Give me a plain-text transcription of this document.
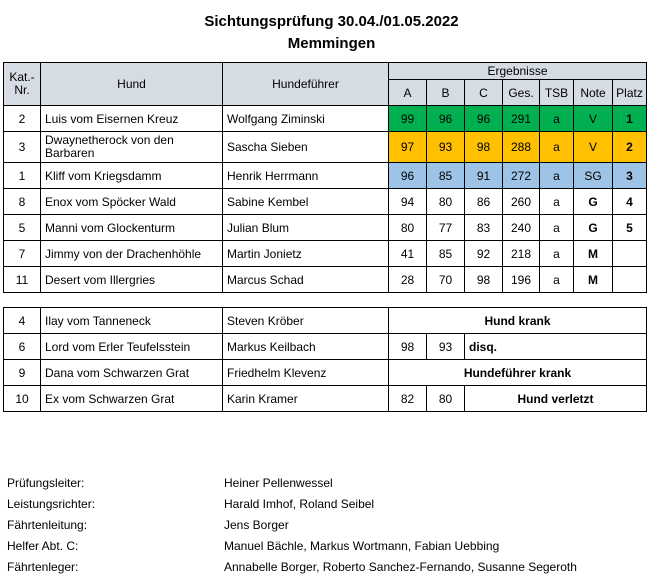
Sichtungsprüfung 30.04./01.05.2022
Memmingen
Kat.-
Nr.	Hund	Hundeführer	Ergebnisse						
			A	B	C	Ges.	TSB	Note	Platz
2	Luis vom Eisernen Kreuz	Wolfgang Ziminski	99	96	96	291	a	V	1
3	Dwaynetherock von den Barbaren	Sascha Sieben	97	93	98	288	a	V	2
1	Kliff vom Kriegsdamm	Henrik Herrmann	96	85	91	272	a	SG	3
8	Enox vom Spöcker Wald	Sabine Kembel	94	80	86	260	a	G	4
5	Manni vom Glockenturm	Julian Blum	80	77	83	240	a	G	5
7	Jimmy von der Drachenhöhle	Martin Jonietz	41	85	92	218	a	M	
11	Desert vom Illergries	Marcus Schad	28	70	98	196	a	M	

4	Ilay vom Tanneneck	Steven Kröber	Hund krank						
6	Lord vom Erler Teufelsstein	Markus Keilbach	98	93	disq.				
9	Dana vom Schwarzen Grat	Friedhelm Klevenz	Hundeführer krank						
10	Ex vom Schwarzen Grat	Karin Kramer	82	80	Hund verletzt				
Prüfungsleiter:	Heiner Pellenwessel
Leistungsrichter:	Harald Imhof, Roland Seibel
Fährtenleitung:	Jens Borger
Helfer Abt. C:	Manuel Bächle, Markus Wortmann, Fabian Uebbing
Fährtenleger:	Annabelle Borger, Roberto Sanchez-Fernando, Susanne Segeroth
